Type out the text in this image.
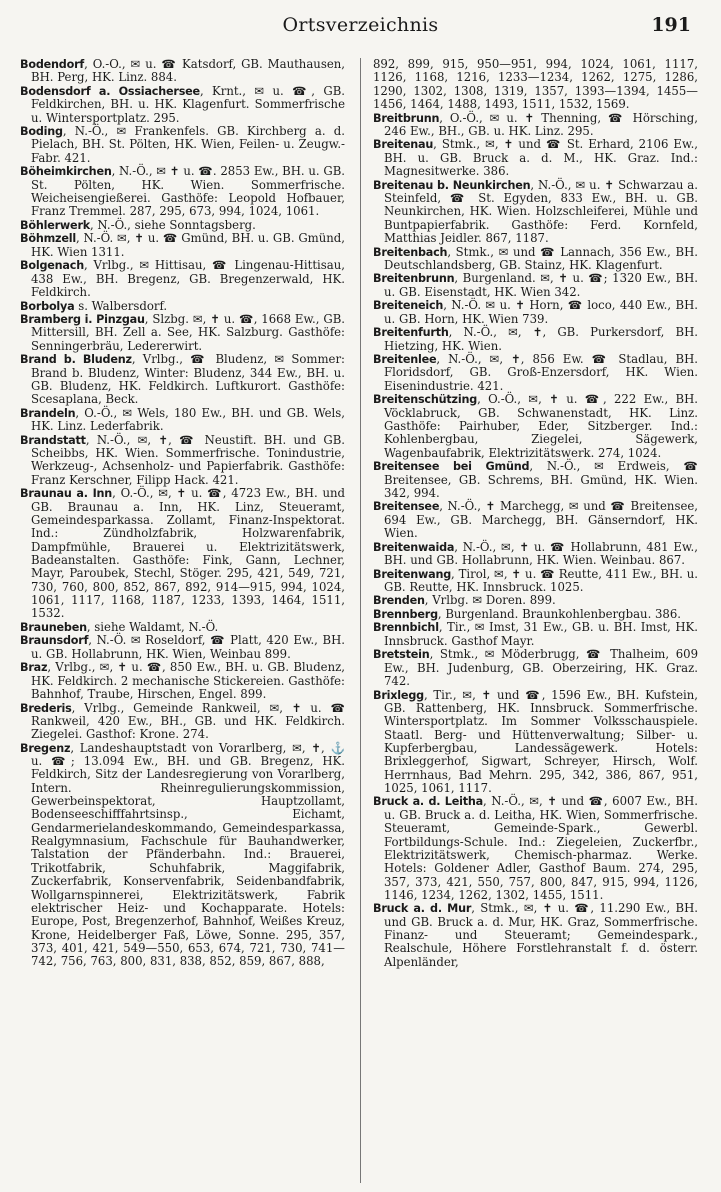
Ortsverzeichnis	191
Bodendorf, O.-Ö., ✉ u. ☎ Katsdorf, GB. Mauthausen, BH. Perg, HK. Linz. 884.
Bodensdorf a. Ossiachersee, Krnt., ✉ u. ☎, GB. Feldkirchen, BH. u. HK. Klagenfurt. Sommerfrische u. Wintersportplatz. 295.
Boding, N.-Ö., ✉ Frankenfels. GB. Kirchberg a. d. Pielach, BH. St. Pölten, HK. Wien, Feilen- u. Zeugw.-Fabr. 421.
Böheimkirchen, N.-Ö., ✉ ✝ u. ☎. 2853 Ew., BH. u. GB. St. Pölten, HK. Wien. Sommerfrische. Weicheisengießerei. Gasthöfe: Leopold Hofbauer, Franz Tremmel. 287, 295, 673, 994, 1024, 1061.
Böhlerwerk, N.-Ö., siehe Sonntagsberg.
Böhmzell, N.-Ö. ✉, ✝ u. ☎ Gmünd, BH. u. GB. Gmünd, HK. Wien 1311.
Bolgenach, Vrlbg., ✉ Hittisau, ☎ Lingenau-Hittisau, 438 Ew., BH. Bregenz, GB. Bregenzerwald, HK. Feldkirch.
Borbolya s. Walbersdorf.
Bramberg i. Pinzgau, Slzbg. ✉, ✝ u. ☎, 1668 Ew., GB. Mittersill, BH. Zell a. See, HK. Salzburg. Gasthöfe: Senningerbräu, Ledererwirt.
Brand b. Bludenz, Vrlbg., ☎ Bludenz, ✉ Sommer: Brand b. Bludenz, Winter: Bludenz, 344 Ew., BH. u. GB. Bludenz, HK. Feldkirch. Luftkurort. Gasthöfe: Scesaplana, Beck.
Brandeln, O.-Ö., ✉ Wels, 180 Ew., BH. und GB. Wels, HK. Linz. Lederfabrik.
Brandstatt, N.-Ö., ✉, ✝, ☎ Neustift. BH. und GB. Scheibbs, HK. Wien. Sommerfrische. Tonindustrie, Werkzeug-, Achsenholz- und Papierfabrik. Gasthöfe: Franz Kerschner, Filipp Hack. 421.
Braunau a. Inn, O.-Ö., ✉, ✝ u. ☎, 4723 Ew., BH. und GB. Braunau a. Inn, HK. Linz, Steueramt, Gemeindesparkassa. Zollamt, Finanz-Inspektorat. Ind.: Zündholzfabrik, Holzwarenfabrik, Dampfmühle, Brauerei u. Elektrizitätswerk, Badeanstalten. Gasthöfe: Fink, Gann, Lechner, Mayr, Paroubek, Stechl, Stöger. 295, 421, 549, 721, 730, 760, 800, 852, 867, 892, 914—915, 994, 1024, 1061, 1117, 1168, 1187, 1233, 1393, 1464, 1511, 1532.
Brauneben, siehe Waldamt, N.-Ö.
Braunsdorf, N.-Ö. ✉ Roseldorf, ☎ Platt, 420 Ew., BH. u. GB. Hollabrunn, HK. Wien, Weinbau 899.
Braz, Vrlbg., ✉, ✝ u. ☎, 850 Ew., BH. u. GB. Bludenz, HK. Feldkirch. 2 mechanische Stickereien. Gasthöfe: Bahnhof, Traube, Hirschen, Engel. 899.
Brederis, Vrlbg., Gemeinde Rankweil, ✉, ✝ u. ☎ Rankweil, 420 Ew., BH., GB. und HK. Feldkirch. Ziegelei. Gasthof: Krone. 274.
Bregenz, Landeshauptstadt von Vorarlberg, ✉, ✝, ⚓ u. ☎; 13.094 Ew., BH. und GB. Bregenz, HK. Feldkirch, Sitz der Landesregierung von Vorarlberg, Intern. Rheinregulierungskommission, Gewerbeinspektorat, Hauptzollamt, Bodenseeschifffahrtsinsp., Eichamt, Gendarmerielandeskommando, Gemeindesparkassa, Realgymnasium, Fachschule für Bauhandwerker, Talstation der Pfänderbahn. Ind.: Brauerei, Trikotfabrik, Schuhfabrik, Maggifabrik, Zuckerfabrik, Konservenfabrik, Seidenbandfabrik, Wollgarnspinnerei, Elektrizitätswerk, Fabrik elektrischer Heiz- und Kochapparate. Hotels: Europe, Post, Bregenzerhof, Bahnhof, Weißes Kreuz, Krone, Heidelberger Faß, Löwe, Sonne. 295, 357, 373, 401, 421, 549—550, 653, 674, 721, 730, 741—742, 756, 763, 800, 831, 838, 852, 859, 867, 888,
892, 899, 915, 950—951, 994, 1024, 1061, 1117, 1126, 1168, 1216, 1233—1234, 1262, 1275, 1286, 1290, 1302, 1308, 1319, 1357, 1393—1394, 1455—1456, 1464, 1488, 1493, 1511, 1532, 1569.
Breitbrunn, O.-Ö., ✉ u. ✝ Thenning, ☎ Hörsching, 246 Ew., BH., GB. u. HK. Linz. 295.
Breitenau, Stmk., ✉, ✝ und ☎ St. Erhard, 2106 Ew., BH. u. GB. Bruck a. d. M., HK. Graz. Ind.: Magnesitwerke. 386.
Breitenau b. Neunkirchen, N.-Ö., ✉ u. ✝ Schwarzau a. Steinfeld, ☎ St. Egyden, 833 Ew., BH. u. GB. Neunkirchen, HK. Wien. Holzschleiferei, Mühle und Buntpapierfabrik. Gasthöfe: Ferd. Kornfeld, Matthias Jeidler. 867, 1187.
Breitenbach, Stmk., ✉ und ☎ Lannach, 356 Ew., BH. Deutschlandsberg, GB. Stainz, HK. Klagenfurt.
Breitenbrunn, Burgenland. ✉, ✝ u. ☎; 1320 Ew., BH. u. GB. Eisenstadt, HK. Wien 342.
Breiteneich, N.-Ö. ✉ u. ✝ Horn, ☎ loco, 440 Ew., BH. u. GB. Horn, HK. Wien 739.
Breitenfurth, N.-Ö., ✉, ✝, GB. Purkersdorf, BH. Hietzing, HK. Wien.
Breitenlee, N.-Ö., ✉, ✝, 856 Ew. ☎ Stadlau, BH. Floridsdorf, GB. Groß-Enzersdorf, HK. Wien. Eisenindustrie. 421.
Breitenschützing, O.-Ö., ✉, ✝ u. ☎, 222 Ew., BH. Vöcklabruck, GB. Schwanenstadt, HK. Linz. Gasthöfe: Pairhuber, Eder, Sitzberger. Ind.: Kohlenbergbau, Ziegelei, Sägewerk, Wagenbaufabrik, Elektrizitätswerk. 274, 1024.
Breitensee bei Gmünd, N.-Ö., ✉ Erdweis, ☎ Breitensee, GB. Schrems, BH. Gmünd, HK. Wien. 342, 994.
Breitensee, N.-Ö., ✝ Marchegg, ✉ und ☎ Breitensee, 694 Ew., GB. Marchegg, BH. Gänserndorf, HK. Wien.
Breitenwaida, N.-Ö., ✉, ✝ u. ☎ Hollabrunn, 481 Ew., BH. und GB. Hollabrunn, HK. Wien. Weinbau. 867.
Breitenwang, Tirol, ✉, ✝ u. ☎ Reutte, 411 Ew., BH. u. GB. Reutte, HK. Innsbruck. 1025.
Brenden, Vrlbg. ✉ Doren. 899.
Brennberg, Burgenland. Braunkohlenbergbau. 386.
Brennbichl, Tir., ✉ Imst, 31 Ew., GB. u. BH. Imst, HK. Innsbruck. Gasthof Mayr.
Bretstein, Stmk., ✉ Möderbrugg, ☎ Thalheim, 609 Ew., BH. Judenburg, GB. Oberzeiring, HK. Graz. 742.
Brixlegg, Tir., ✉, ✝ und ☎, 1596 Ew., BH. Kufstein, GB. Rattenberg, HK. Innsbruck. Sommerfrische. Wintersportplatz. Im Sommer Volksschauspiele. Staatl. Berg- und Hüttenverwaltung; Silber- u. Kupferbergbau, Landessägewerk. Hotels: Brixleggerhof, Sigwart, Schreyer, Hirsch, Wolf. Herrnhaus, Bad Mehrn. 295, 342, 386, 867, 951, 1025, 1061, 1117.
Bruck a. d. Leitha, N.-Ö., ✉, ✝ und ☎, 6007 Ew., BH. u. GB. Bruck a. d. Leitha, HK. Wien, Sommerfrische. Steueramt, Gemeinde-Spark., Gewerbl. Fortbildungs-Schule. Ind.: Ziegeleien, Zuckerfbr., Elektrizitätswerk, Chemisch-pharmaz. Werke. Hotels: Goldener Adler, Gasthof Baum. 274, 295, 357, 373, 421, 550, 757, 800, 847, 915, 994, 1126, 1146, 1234, 1262, 1302, 1455, 1511.
Bruck a. d. Mur, Stmk., ✉, ✝ u. ☎, 11.290 Ew., BH. und GB. Bruck a. d. Mur, HK. Graz, Sommerfrische. Finanz- und Steueramt; Gemeindespark., Realschule, Höhere Forstlehranstalt f. d. österr. Alpenländer,
